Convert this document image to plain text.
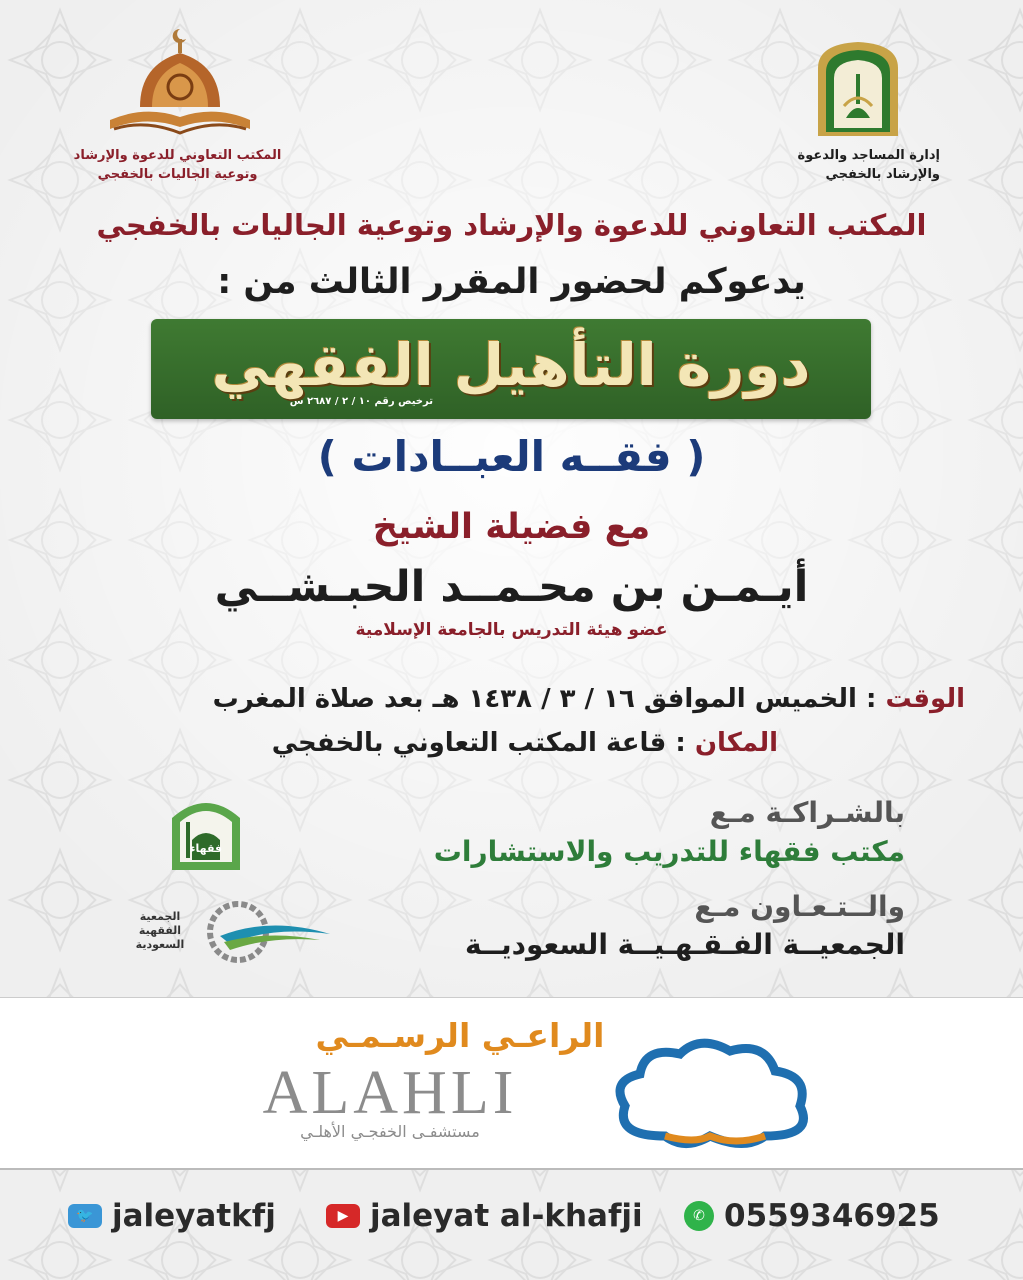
المكتب التعاوني للدعوة والإرشاد
وتوعية الجاليات بالخفجي
إدارة المساجد والدعوة
والإرشاد بالخفجي
المكتب التعاوني للدعوة والإرشاد وتوعية الجاليات بالخفجي
يدعوكم لحضور المقرر الثالث من :
دورة التأهيل الفقهي
ترخيص رقم ١٠ / ٢ / ٢٦٨٧ س
( فقــه العبــادات )
مع فضيلة الشيخ
أيـمـن بن محـمــد الحبـشــي
عضو هيئة التدريس بالجامعة الإسلامية
الوقت : الخميس الموافق ١٦ / ٣ / ١٤٣٨ هـ بعد صلاة المغرب
المكان : قاعة المكتب التعاوني بالخفجي
فقهاء
بالشـراكـة مـع
مكتب فقهاء للتدريب والاستشارات
الجمعية
الفقهية
السعودية
والــتـعـاون مـع
الجمعيــة الفـقـهـيــة السعوديــة
الراعـي الرسـمـي
ALAHLI
مستشفـى الخفجـي الأهلـي
🐦 jaleyatkfj	▶ jaleyat al-khafji	✆ 0559346925
